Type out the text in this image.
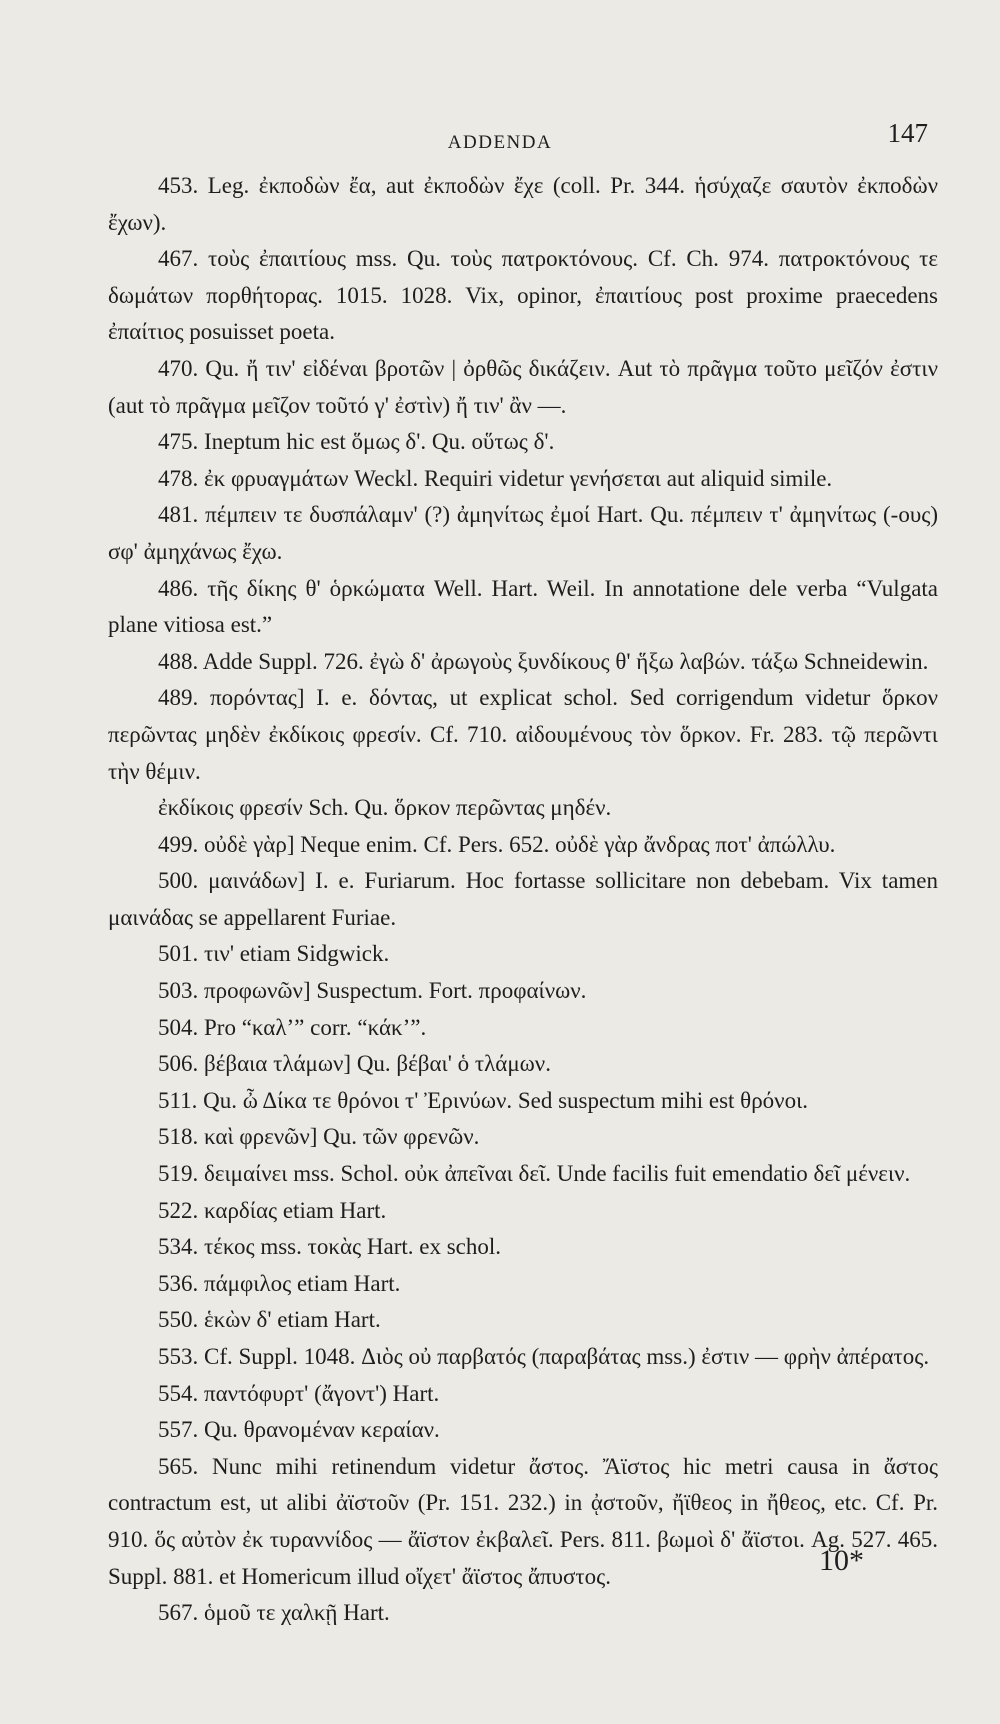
ADDENDA	147

453. Leg. ἐκποδὼν ἔα, aut ἐκποδὼν ἔχε (coll. Pr. 344. ἡσύχαζε σαυτὸν ἐκποδὼν ἔχων).

467. τοὺς ἐπαιτίους mss. Qu. τοὺς πατροκτόνους. Cf. Ch. 974. πατροκτόνους τε δωμάτων πορθήτορας. 1015. 1028. Vix, opinor, ἐπαιτίους post proxime praecedens ἐπαίτιος posuisset poeta.

470. Qu. ἤ τιν' εἰδέναι βροτῶν | ὀρθῶς δικάζειν. Aut τὸ πρᾶγμα τοῦτο μεῖζόν ἐστιν (aut τὸ πρᾶγμα μεῖζον τοῦτό γ' ἐστὶν) ἤ τιν' ἂν —.

475. Ineptum hic est ὅμως δ'. Qu. οὕτως δ'.

478. ἐκ φρυαγμάτων Weckl. Requiri videtur γενήσεται aut aliquid simile.

481. πέμπειν τε δυσπάλαμν' (?) ἀμηνίτως ἐμοί Hart. Qu. πέμπειν τ' ἀμηνίτως (-ους) σφ' ἀμηχάνως ἔχω.

486. τῆς δίκης θ' ὁρκώματα Well. Hart. Weil. In annotatione dele verba “Vulgata plane vitiosa est.”

488. Adde Suppl. 726. ἐγὼ δ' ἀρωγοὺς ξυνδίκους θ' ἥξω λαβών. τάξω Schneidewin.

489. πορόντας] I. e. δόντας, ut explicat schol. Sed corrigendum videtur ὅρκον περῶντας μηδὲν ἐκδίκοις φρεσίν. Cf. 710. αἰδουμένους τὸν ὅρκον. Fr. 283. τῷ περῶντι τὴν θέμιν.

ἐκδίκοις φρεσίν Sch. Qu. ὅρκον περῶντας μηδέν.

499. οὐδὲ γὰρ] Neque enim. Cf. Pers. 652. οὐδὲ γὰρ ἄνδρας ποτ' ἀπώλλυ.

500. μαινάδων] I. e. Furiarum. Hoc fortasse sollicitare non debebam. Vix tamen μαινάδας se appellarent Furiae.

501. τιν' etiam Sidgwick.

503. προφωνῶν] Suspectum. Fort. προφαίνων.

504. Pro “καλ’” corr. “κάκ’”.

506. βέβαια τλάμων] Qu. βέβαι' ὁ τλάμων.

511. Qu. ὦ Δίκα τε θρόνοι τ' Ἐρινύων. Sed suspectum mihi est θρόνοι.

518. καὶ φρενῶν] Qu. τῶν φρενῶν.

519. δειμαίνει mss. Schol. οὐκ ἀπεῖναι δεῖ. Unde facilis fuit emendatio δεῖ μένειν.

522. καρδίας etiam Hart.

534. τέκος mss. τοκὰς Hart. ex schol.

536. πάμφιλος etiam Hart.

550. ἑκὼν δ' etiam Hart.

553. Cf. Suppl. 1048. Διὸς οὐ παρβατός (παραβάτας mss.) ἐστιν — φρὴν ἀπέρατος.

554. παντόφυρτ' (ἄγοντ') Hart.

557. Qu. θρανομέναν κεραίαν.

565. Nunc mihi retinendum videtur ἄστος. Ἄϊστος hic metri causa in ἄστος contractum est, ut alibi ἀϊστοῦν (Pr. 151. 232.) in ᾀστοῦν, ἤϊθεος in ἤθεος, etc. Cf. Pr. 910. ὅς αὐτὸν ἐκ τυραννίδος — ἄϊστον ἐκβαλεῖ. Pers. 811. βωμοὶ δ' ἄϊστοι. Ag. 527. 465. Suppl. 881. et Homericum illud οἴχετ' ἄϊστος ἄπυστος.

567. ὁμοῦ τε χαλκῇ Hart.

10*
